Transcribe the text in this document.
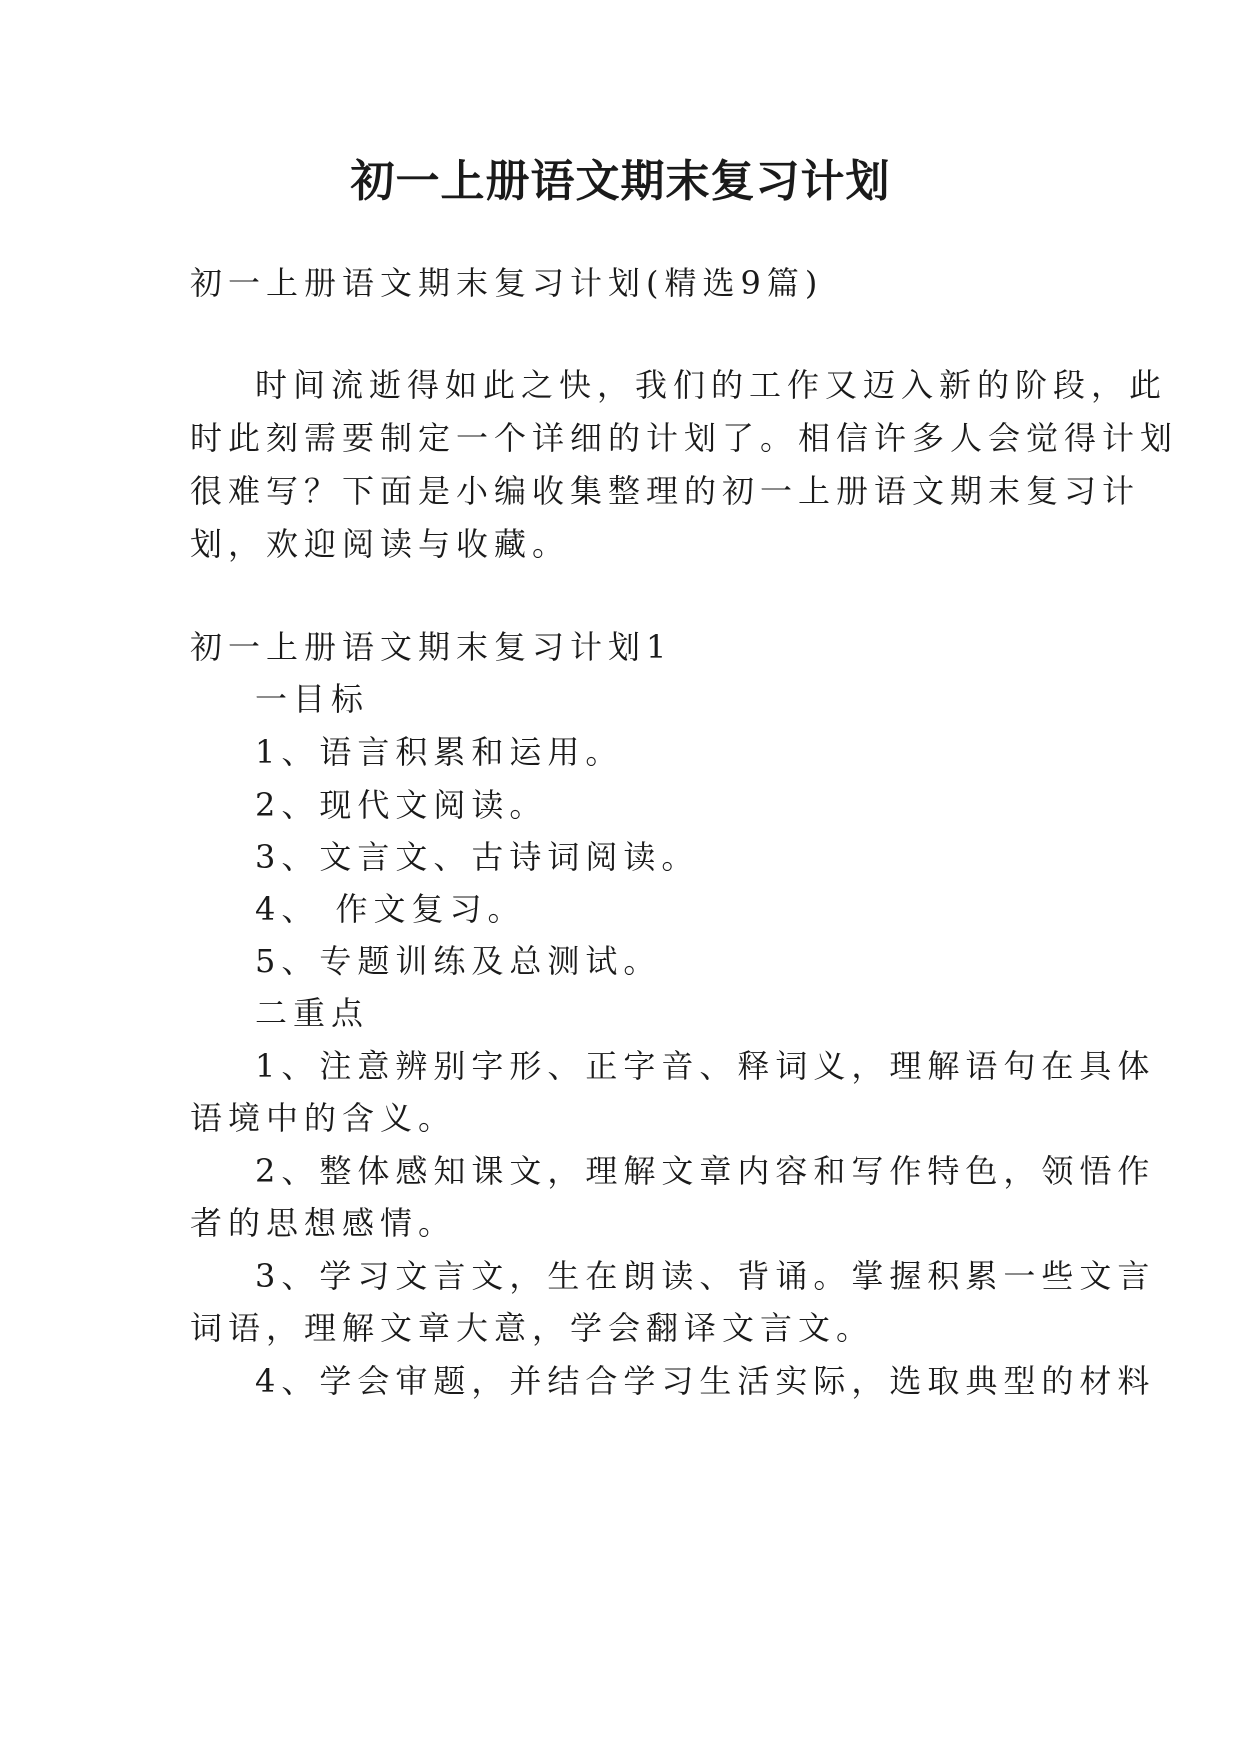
初一上册语文期末复习计划
初一上册语文期末复习计划(精选9篇)
时间流逝得如此之快，我们的工作又迈入新的阶段，此
时此刻需要制定一个详细的计划了。相信许多人会觉得计划
很难写？下面是小编收集整理的初一上册语文期末复习计
划，欢迎阅读与收藏。
初一上册语文期末复习计划1
一目标
1、语言积累和运用。
2、现代文阅读。
3、文言文、古诗词阅读。
4、 作文复习。
5、专题训练及总测试。
二重点
1、注意辨别字形、正字音、释词义，理解语句在具体
语境中的含义。
2、整体感知课文，理解文章内容和写作特色，领悟作
者的思想感情。
3、学习文言文，生在朗读、背诵。掌握积累一些文言
词语，理解文章大意，学会翻译文言文。
4、学会审题，并结合学习生活实际，选取典型的材料
